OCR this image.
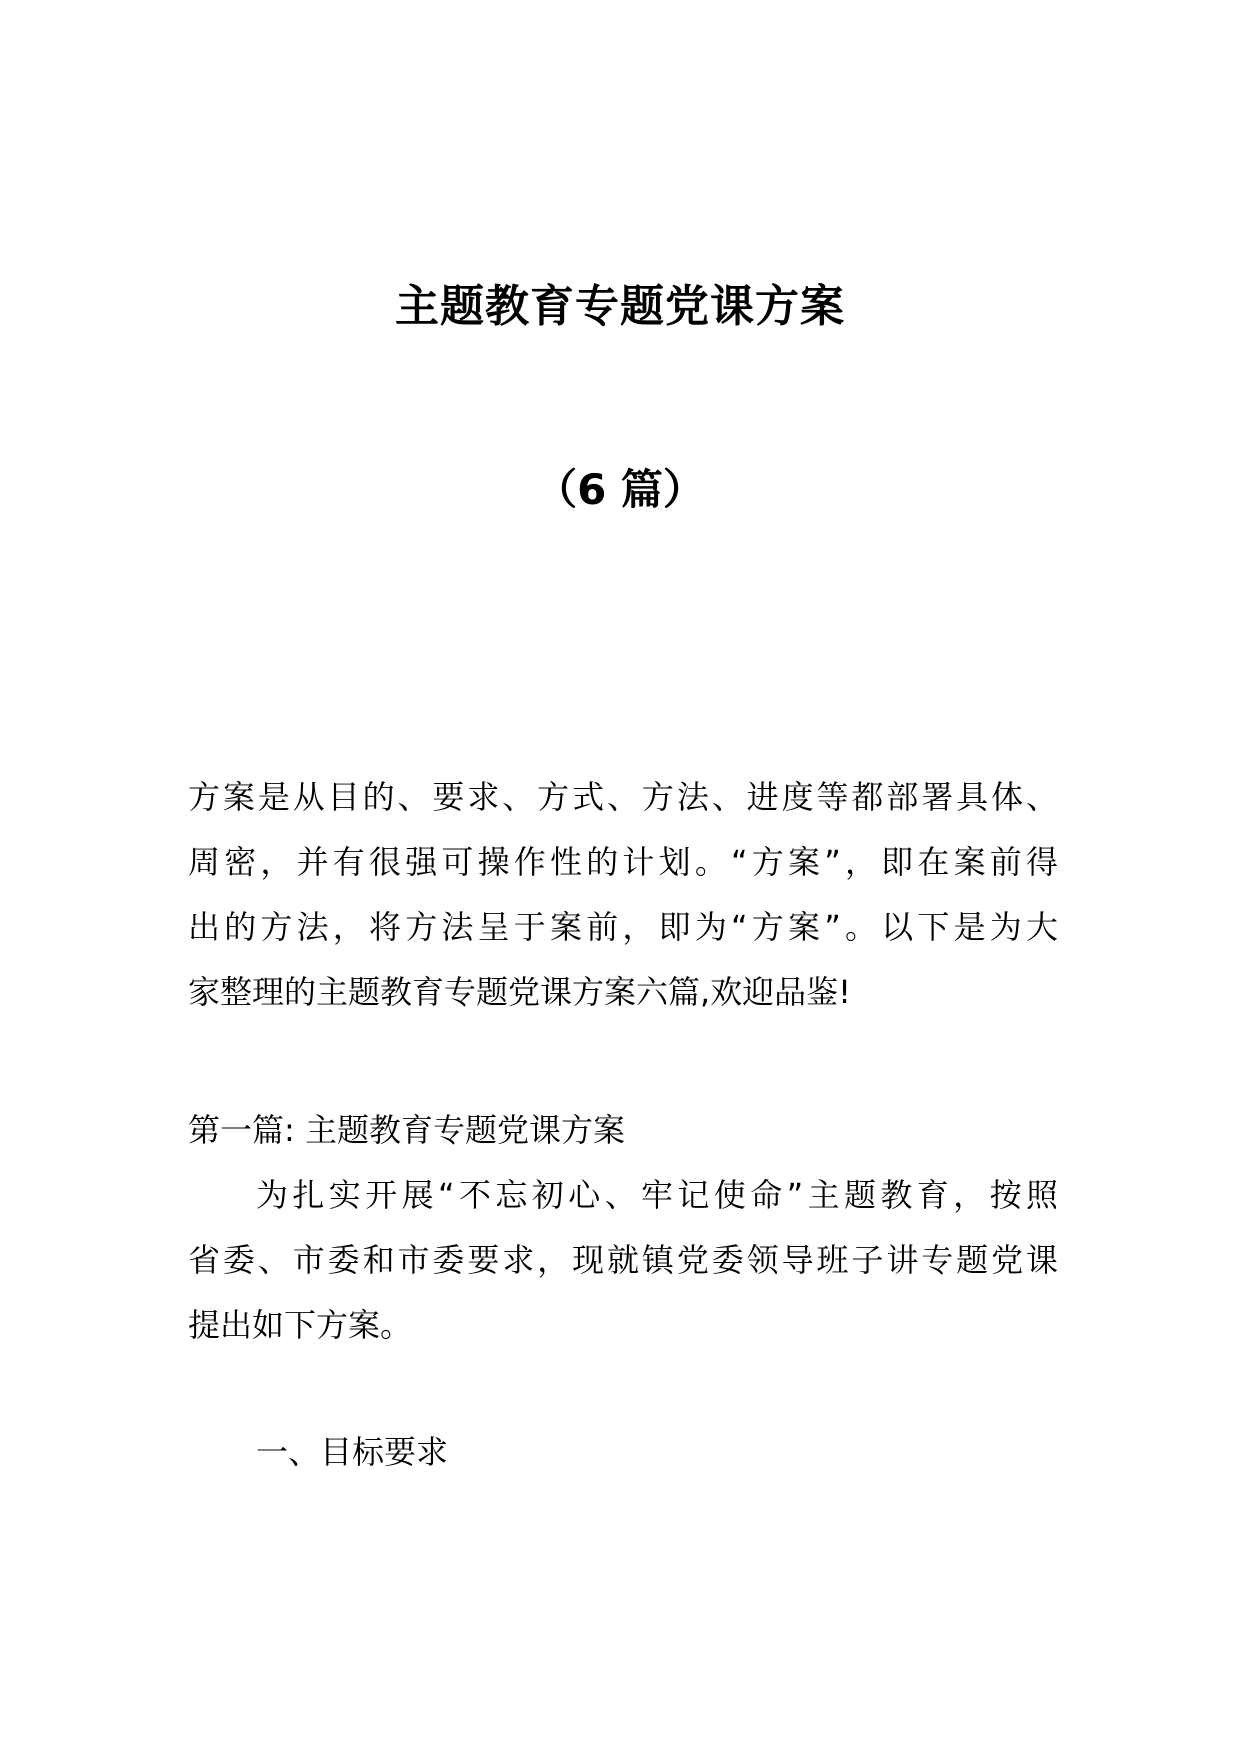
主题教育专题党课方案
（6 篇）
方案是从目的、要求、方式、方法、进度等都部署具体、
周密，并有很强可操作性的计划。“方案”，即在案前得
出的方法，将方法呈于案前，即为“方案”。以下是为大
家整理的主题教育专题党课方案六篇,欢迎品鉴!
第一篇: 主题教育专题党课方案
为扎实开展“不忘初心、牢记使命”主题教育，按照
省委、市委和市委要求，现就镇党委领导班子讲专题党课
提出如下方案。
一、目标要求
